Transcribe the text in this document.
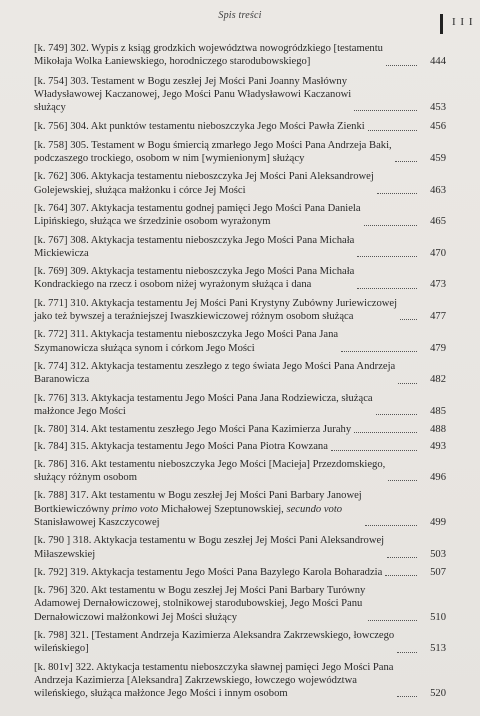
Spis treści
I I I
[k. 749] 302. Wypis z ksiąg grodzkich województwa nowogródzkiego [testamentu
Mikołaja Wolka Łaniewskiego, horodniczego starodubowskiego]	444
[k. 754] 303. Testament w Bogu zeszłej Jej Mości Pani Joanny Masłówny
Władysławowej Kaczanowej, Jego Mości Panu Władysławowi Kaczanowi
służący	453
[k. 756] 304. Akt punktów testamentu nieboszczyka Jego Mości Pawła Zienki	456
[k. 758] 305. Testament w Bogu śmiercią zmarłego Jego Mości Pana Andrzeja Baki,
podczaszego trockiego, osobom w nim [wymienionym] służący	459
[k. 762] 306. Aktykacja testamentu nieboszczyka Jej Mości Pani Aleksandrowej
Golejewskiej, służąca małżonku i córce Jej Mości	463
[k. 764] 307. Aktykacja testamentu godnej pamięci Jego Mości Pana Daniela
Lipińskiego, służąca we śrzedzinie osobom wyrażonym	465
[k. 767] 308. Aktykacja testamentu nieboszczyka Jego Mości Pana Michała
Mickiewicza	470
[k. 769] 309. Aktykacja testamentu nieboszczyka Jego Mości Pana Michała
Kondrackiego na rzecz i osobom niżej wyrażonym służąca i dana	473
[k. 771] 310. Aktykacja testamentu Jej Mości Pani Krystyny Zubówny Juriewiczowej
jako też bywszej a teraźniejszej Iwaszkiewiczowej różnym osobom służąca	477
[k. 772] 311. Aktykacja testamentu nieboszczyka Jego Mości Pana Jana
Szymanowicza służąca synom i córkom Jego Mości	479
[k. 774] 312. Aktykacja testamentu zeszłego z tego świata Jego Mości Pana Andrzeja
Baranowicza	482
[k. 776] 313. Aktykacja testamentu Jego Mości Pana Jana Rodziewicza, służąca
małżonce Jego Mości	485
[k. 780] 314. Akt testamentu zeszłego Jego Mości Pana Kazimierza Jurahy	488
[k. 784] 315. Aktykacja testamentu Jego Mości Pana Piotra Kowzana	493
[k. 786] 316. Akt testamentu nieboszczyka Jego Mości [Macieja] Przezdomskiego,
służący różnym osobom	496
[k. 788] 317. Akt testamentu w Bogu zeszłej Jej Mości Pani Barbary Janowej
Bortkiewiczówny primo voto Michałowej Szeptunowskiej, secundo voto
Stanisławowej Kaszczycowej	499
[k. 790 ] 318. Aktykacja testamentu w Bogu zeszłej Jej Mości Pani Aleksandrowej
Miłaszewskiej	503
[k. 792] 319. Aktykacja testamentu Jego Mości Pana Bazylego Karola Boharadzia	507
[k. 796] 320. Akt testamentu w Bogu zeszłej Jej Mości Pani Barbary Turówny
Adamowej Dernałowiczowej, stolnikowej starodubowskiej, Jego Mości Panu
Dernałowiczowi małżonkowi Jej Mości służący	510
[k. 798] 321. [Testament Andrzeja Kazimierza Aleksandra Zakrzewskiego, łowczego
wileńskiego]	513
[k. 801v] 322. Aktykacja testamentu nieboszczyka sławnej pamięci Jego Mości Pana
Andrzeja Kazimierza [Aleksandra] Zakrzewskiego, łowczego województwa
wileńskiego, służąca małżonce Jego Mości i innym osobom	520
